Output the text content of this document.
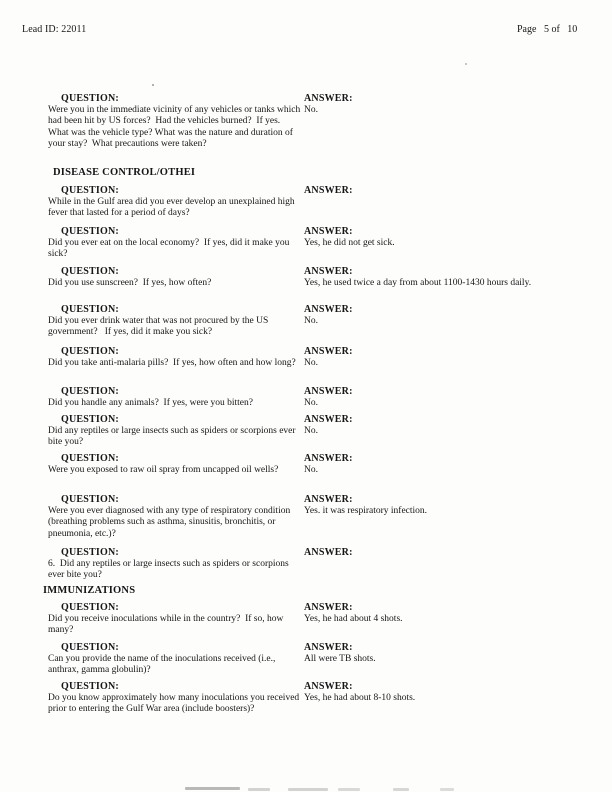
Lead ID: 22011	Page   5 of   10
QUESTION:
Were you in the immediate vicinity of any vehicles or tanks which had been hit by US forces?  Had the vehicles burned?  If yes.  What was the vehicle type? What was the nature and duration of your stay?  What precautions were taken?
ANSWER:
No.
DISEASE CONTROL/OTHEI
QUESTION:
While in the Gulf area did you ever develop an unexplained high fever that lasted for a period of days?
ANSWER:
QUESTION:
Did you ever eat on the local economy?  If yes, did it make you sick?
ANSWER:
Yes, he did not get sick.
QUESTION:
Did you use sunscreen?  If yes, how often?
ANSWER:
Yes, he used twice a day from about 1100-1430 hours daily.
QUESTION:
Did you ever drink water that was not procured by the US government?   If yes, did it make you sick?
ANSWER:
No.
QUESTION:
Did you take anti-malaria pills?  If yes, how often and how long?
ANSWER:
No.
QUESTION:
Did you handle any animals?  If yes, were you bitten?
ANSWER:
No.
QUESTION:
Did any reptiles or large insects such as spiders or scorpions ever bite you?
ANSWER:
No.
QUESTION:
Were you exposed to raw oil spray from uncapped oil wells?
ANSWER:
No.
QUESTION:
Were you ever diagnosed with any type of respiratory condition (breathing problems such as asthma, sinusitis, bronchitis, or pneumonia, etc.)?
ANSWER:
Yes. it was respiratory infection.
QUESTION:
6.  Did any reptiles or large insects such as spiders or scorpions ever bite you?
ANSWER:
IMMUNIZATIONS
QUESTION:
Did you receive inoculations while in the country?  If so, how many?
ANSWER:
Yes, he had about 4 shots.
QUESTION:
Can you provide the name of the inoculations received (i.e., anthrax, gamma globulin)?
ANSWER:
All were TB shots.
QUESTION:
Do you know approximately how many inoculations you received prior to entering the Gulf War area (include boosters)?
ANSWER:
Yes, he had about 8-10 shots.
